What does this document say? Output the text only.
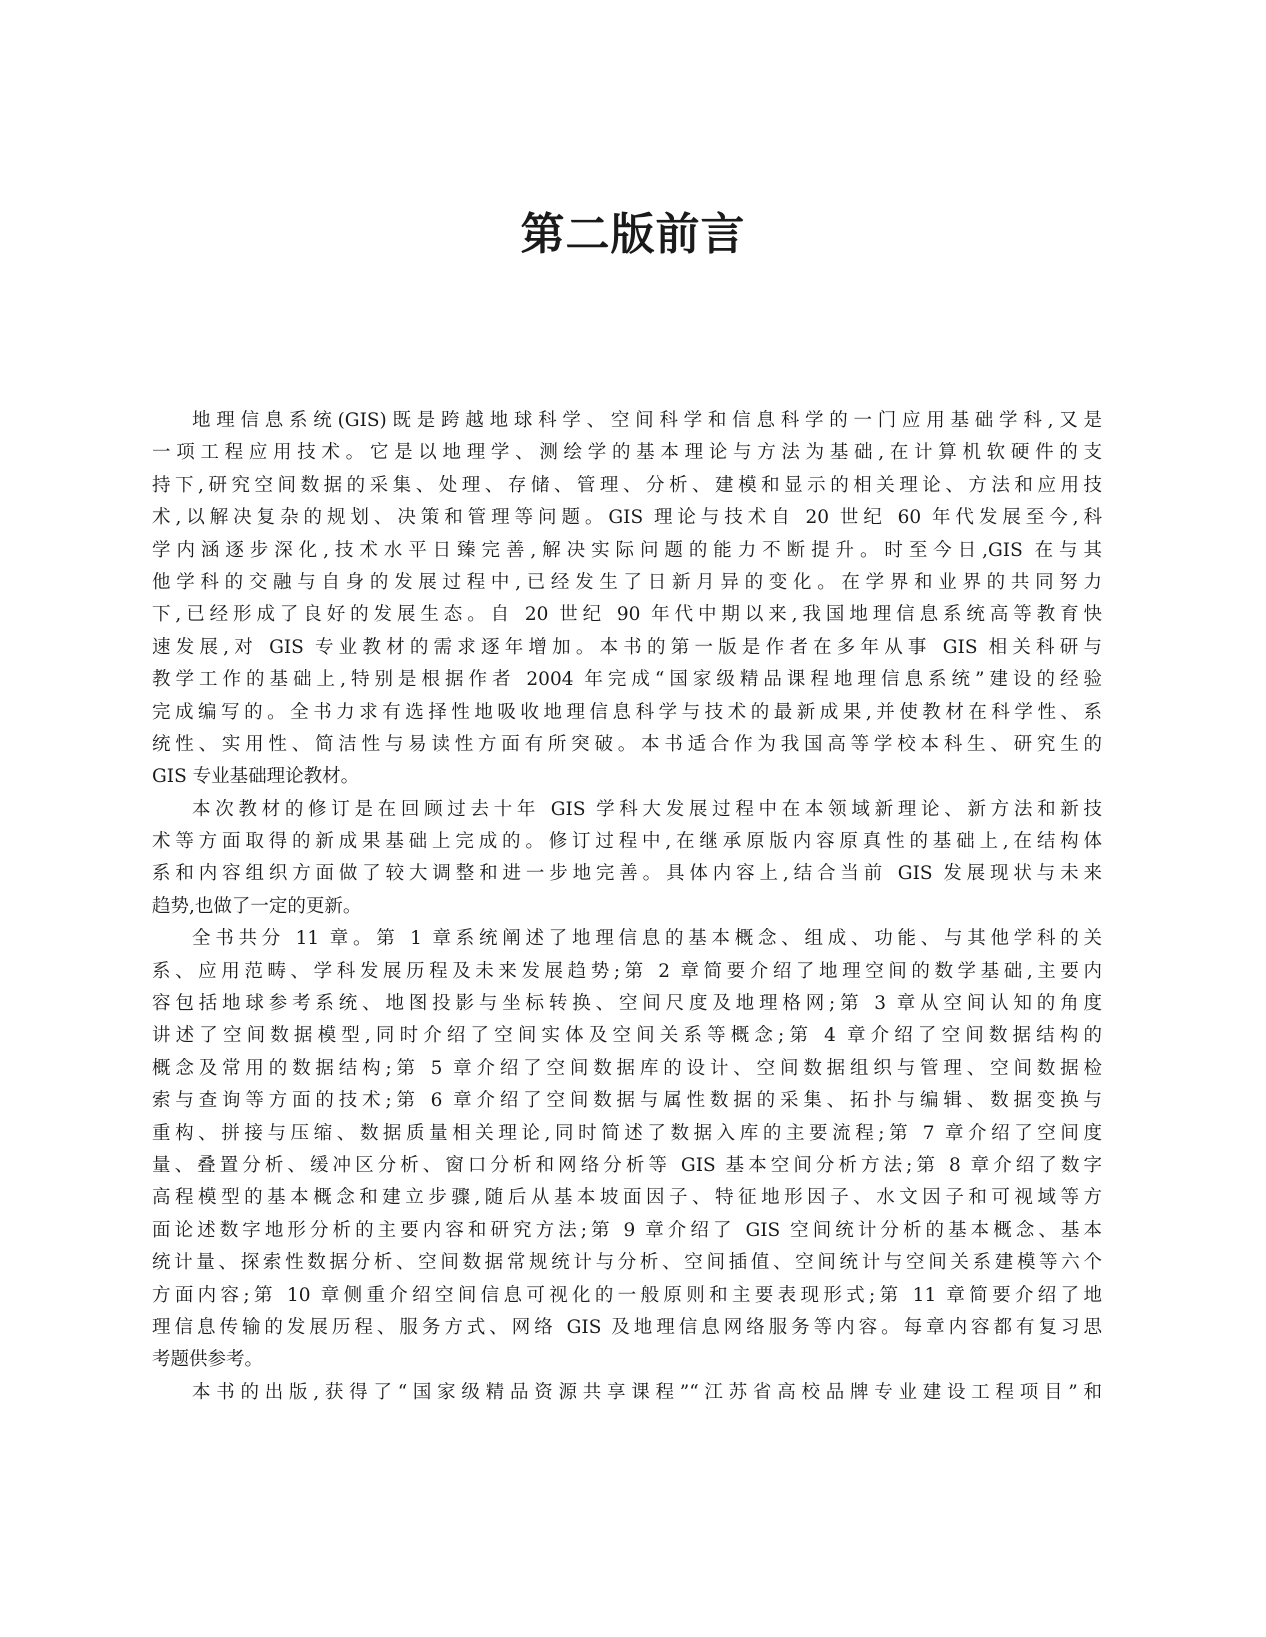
第二版前言
地理信息系统(GIS)既是跨越地球科学、空间科学和信息科学的一门应用基础学科,又是
一项工程应用技术。它是以地理学、测绘学的基本理论与方法为基础,在计算机软硬件的支
持下,研究空间数据的采集、处理、存储、管理、分析、建模和显示的相关理论、方法和应用技
术,以解决复杂的规划、决策和管理等问题。GIS 理论与技术自 20 世纪 60 年代发展至今,科
学内涵逐步深化,技术水平日臻完善,解决实际问题的能力不断提升。时至今日,GIS 在与其
他学科的交融与自身的发展过程中,已经发生了日新月异的变化。在学界和业界的共同努力
下,已经形成了良好的发展生态。自 20 世纪 90 年代中期以来,我国地理信息系统高等教育快
速发展,对 GIS 专业教材的需求逐年增加。本书的第一版是作者在多年从事 GIS 相关科研与
教学工作的基础上,特别是根据作者 2004 年完成“国家级精品课程地理信息系统”建设的经验
完成编写的。全书力求有选择性地吸收地理信息科学与技术的最新成果,并使教材在科学性、系
统性、实用性、简洁性与易读性方面有所突破。本书适合作为我国高等学校本科生、研究生的
GIS 专业基础理论教材。
本次教材的修订是在回顾过去十年 GIS 学科大发展过程中在本领域新理论、新方法和新技
术等方面取得的新成果基础上完成的。修订过程中,在继承原版内容原真性的基础上,在结构体
系和内容组织方面做了较大调整和进一步地完善。具体内容上,结合当前 GIS 发展现状与未来
趋势,也做了一定的更新。
全书共分 11 章。第 1 章系统阐述了地理信息的基本概念、组成、功能、与其他学科的关
系、应用范畴、学科发展历程及未来发展趋势;第 2 章简要介绍了地理空间的数学基础,主要内
容包括地球参考系统、地图投影与坐标转换、空间尺度及地理格网;第 3 章从空间认知的角度
讲述了空间数据模型,同时介绍了空间实体及空间关系等概念;第 4 章介绍了空间数据结构的
概念及常用的数据结构;第 5 章介绍了空间数据库的设计、空间数据组织与管理、空间数据检
索与查询等方面的技术;第 6 章介绍了空间数据与属性数据的采集、拓扑与编辑、数据变换与
重构、拼接与压缩、数据质量相关理论,同时简述了数据入库的主要流程;第 7 章介绍了空间度
量、叠置分析、缓冲区分析、窗口分析和网络分析等 GIS 基本空间分析方法;第 8 章介绍了数字
高程模型的基本概念和建立步骤,随后从基本坡面因子、特征地形因子、水文因子和可视域等方
面论述数字地形分析的主要内容和研究方法;第 9 章介绍了 GIS 空间统计分析的基本概念、基本
统计量、探索性数据分析、空间数据常规统计与分析、空间插值、空间统计与空间关系建模等六个
方面内容;第 10 章侧重介绍空间信息可视化的一般原则和主要表现形式;第 11 章简要介绍了地
理信息传输的发展历程、服务方式、网络 GIS 及地理信息网络服务等内容。每章内容都有复习思
考题供参考。
本书的出版,获得了“国家级精品资源共享课程”“江苏省高校品牌专业建设工程项目”和
